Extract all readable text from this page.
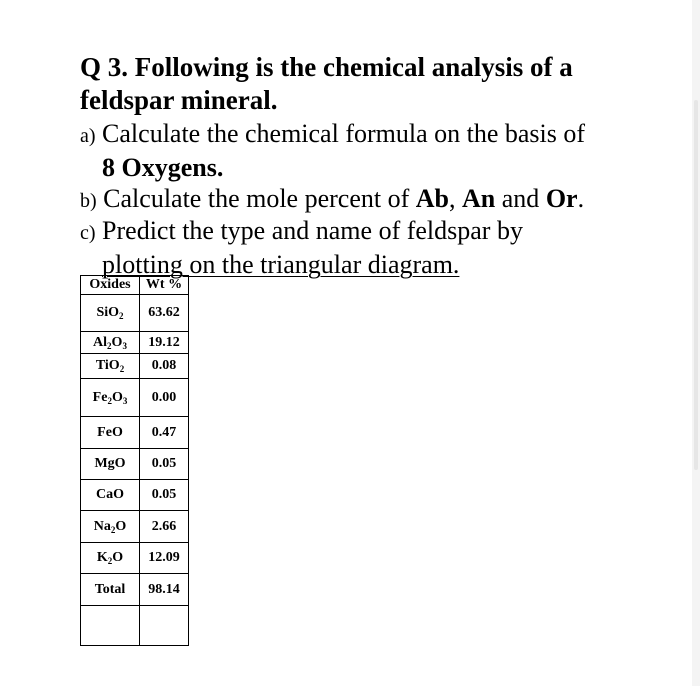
Q 3. Following is the chemical analysis of a
feldspar mineral.
a) Calculate the chemical formula on the basis of
8 Oxygens.
b) Calculate the mole percent of Ab, An and Or.
c) Predict the type and name of feldspar by
plotting on the triangular diagram.
Oxides	Wt %
SiO$_2$	63.62
$Al_2O_3$	19.12
TiO$_2$	0.08
$Fe_2O_3$	0.00
FeO	0.47
MgO	0.05
CaO	0.05
$Na_2O$	2.66
$K_2O$	12.09
Total	98.14
